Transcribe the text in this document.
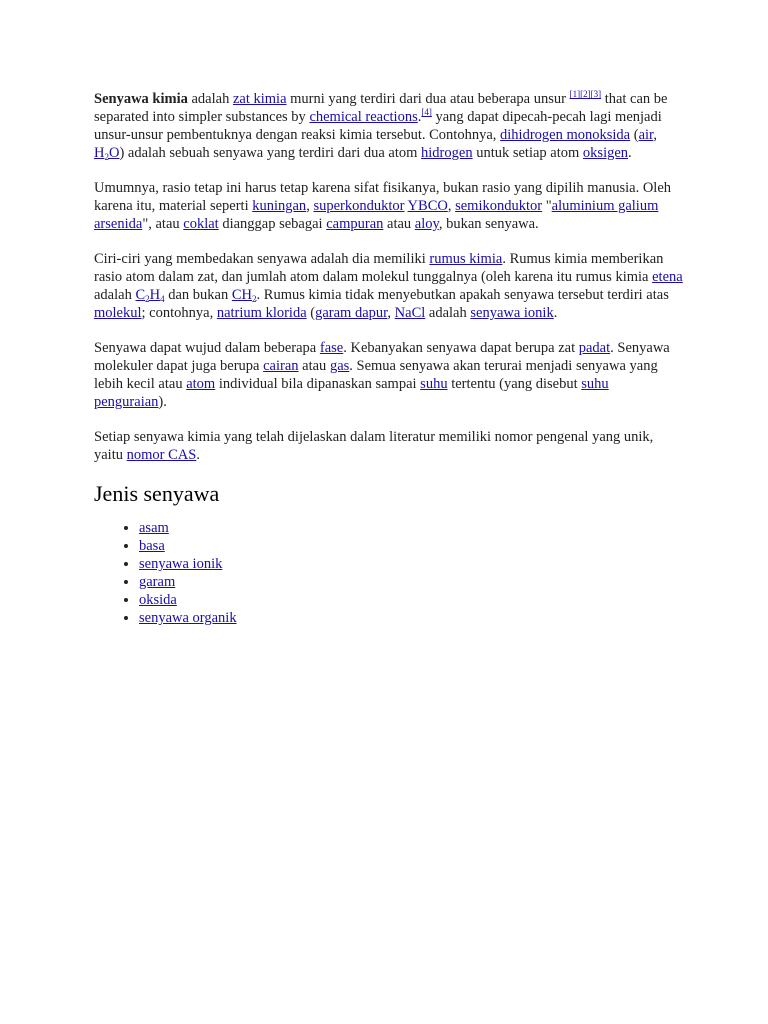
Senyawa kimia adalah zat kimia murni yang terdiri dari dua atau beberapa unsur [1][2][3] that can be separated into simpler substances by chemical reactions.[4] yang dapat dipecah-pecah lagi menjadi unsur-unsur pembentuknya dengan reaksi kimia tersebut. Contohnya, dihidrogen monoksida (air, $H_2O$) adalah sebuah senyawa yang terdiri dari dua atom hidrogen untuk setiap atom oksigen.

Umumnya, rasio tetap ini harus tetap karena sifat fisikanya, bukan rasio yang dipilih manusia. Oleh karena itu, material seperti kuningan, superkonduktor YBCO, semikonduktor "aluminium galium arsenida", atau coklat dianggap sebagai campuran atau aloy, bukan senyawa.

Ciri-ciri yang membedakan senyawa adalah dia memiliki rumus kimia. Rumus kimia memberikan rasio atom dalam zat, dan jumlah atom dalam molekul tunggalnya (oleh karena itu rumus kimia etena adalah $C_2H_4$ dan bukan $CH_2$. Rumus kimia tidak menyebutkan apakah senyawa tersebut terdiri atas molekul; contohnya, natrium klorida (garam dapur, NaCl adalah senyawa ionik.

Senyawa dapat wujud dalam beberapa fase. Kebanyakan senyawa dapat berupa zat padat. Senyawa molekuler dapat juga berupa cairan atau gas. Semua senyawa akan terurai menjadi senyawa yang lebih kecil atau atom individual bila dipanaskan sampai suhu tertentu (yang disebut suhu penguraian).

Setiap senyawa kimia yang telah dijelaskan dalam literatur memiliki nomor pengenal yang unik, yaitu nomor CAS.

Jenis senyawa
• asam
• basa
• senyawa ionik
• garam
• oksida
• senyawa organik
